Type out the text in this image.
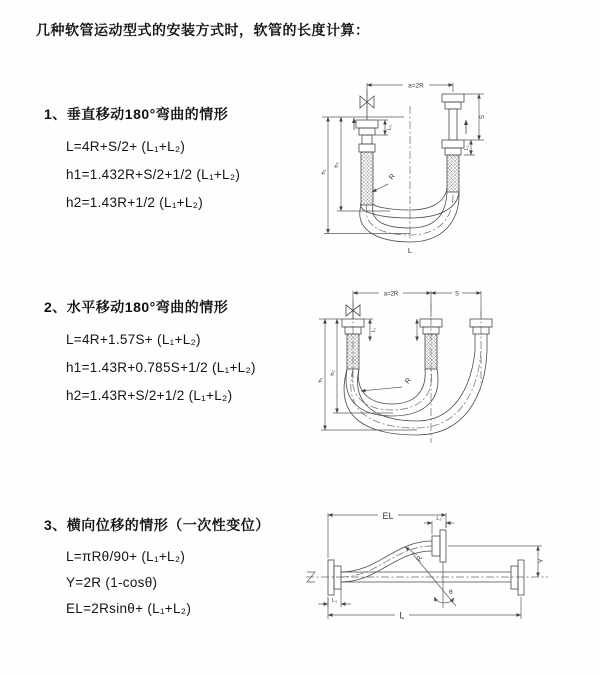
几种软管运动型式的安装方式时，软管的长度计算：
1、垂直移动180°弯曲的情形
L=4R+S/2+ (L₁+L₂)
h1=1.432R+S/2+1/2 (L₁+L₂)
h2=1.43R+1/2 (L₁+L₂)
2、水平移动180°弯曲的情形
L=4R+1.57S+ (L₁+L₂)
h1=1.43R+0.785S+1/2 (L₁+L₂)
h2=1.43R+S/2+1/2 (L₁+L₂)
3、横向位移的情形（一次性变位）
L=πRθ/90+ (L₁+L₂)
Y=2R (1-cosθ)
EL=2Rsinθ+ (L₁+L₂)
a=2R
L₁
S
L₂
h₁
h₂
R
L
a=2R	S
L₁
h₁
h₂
R
EL	L₂
Y
L
L₁
R
θ
